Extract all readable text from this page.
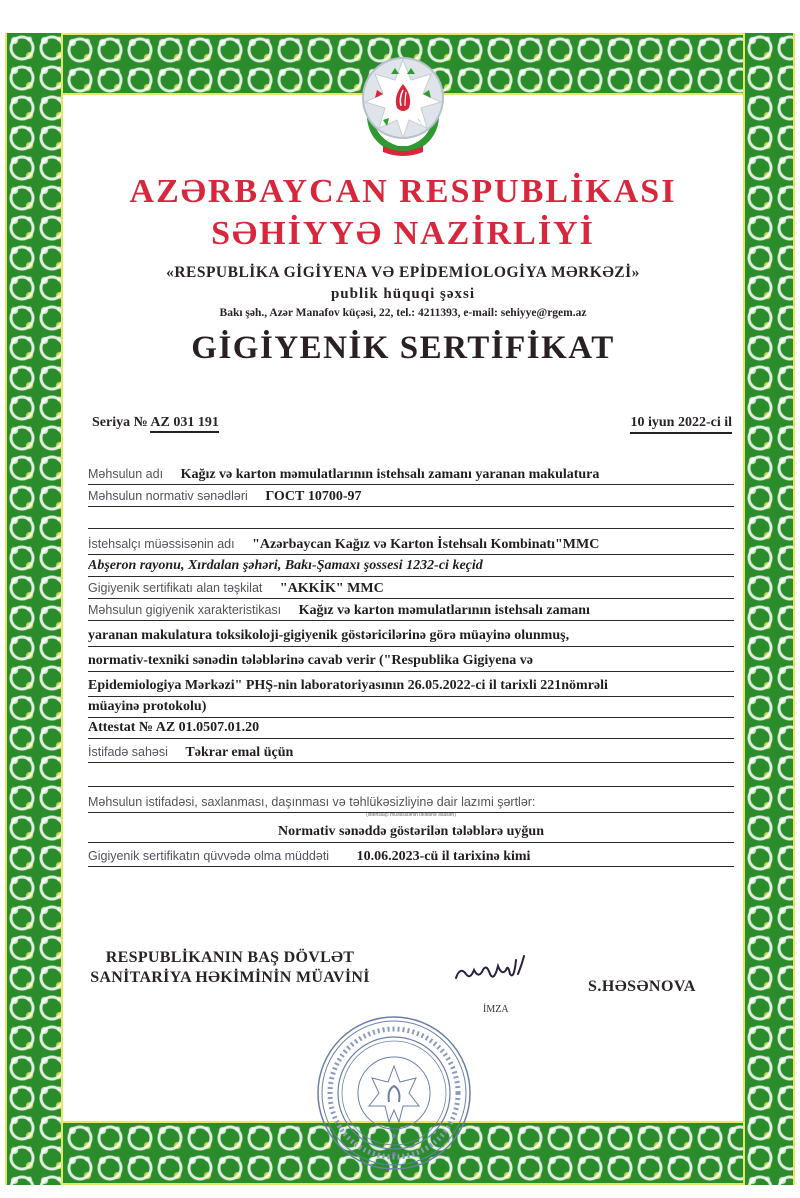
AZƏRBAYCAN RESPUBLİKASI
SƏHİYYƏ NAZİRLİYİ
«RESPUBLİKA GİGİYENA VƏ EPİDEMİOLOGİYA MƏRKƏZİ»
publik hüquqi şəxsi
Bakı şəh., Azər Manafov küçəsi, 22, tel.: 4211393, e-mail: sehiyye@rgem.az
GİGİYENİK SERTİFİKAT
Seriya № AZ 031 191	10 iyun 2022-ci il
Məhsulun adı Kağız və karton məmulatlarının istehsalı zamanı yaranan makulatura
Məhsulun normativ sənədləri ГОСТ 10700-97
İstehsalçı müəssisənin adı "Azərbaycan Kağız və Karton İstehsalı Kombinatı"MMC
Abşeron rayonu, Xırdalan şəhəri, Bakı-Şamaxı şossesi 1232-ci keçid
Gigiyenik sertifikatı alan təşkilat "AKKİK" MMC
Məhsulun gigiyenik xarakteristikası Kağız və karton məmulatlarının istehsalı zamanı
yaranan makulatura toksikoloji-gigiyenik göstəricilərinə görə müayinə olunmuş,
normativ-texniki sənədin tələblərinə cavab verir ("Respublika Gigiyena və
Epidemiologiya Mərkəzi" PHŞ-nin laboratoriyasının 26.05.2022-ci il tarixli 221nömrəli
müayinə protokolu)
Attestat № AZ 01.0507.01.20
İstifadə sahəsi Təkrar emal üçün
Məhsulun istifadəsi, saxlanması, daşınması və təhlükəsizliyinə dair lazımi şərtlər:
(istehsalçı müəssisənin tələbinə əsasən)
Normativ sənəddə göstərilən tələblərə uyğun
Gigiyenik sertifikatın qüvvədə olma müddəti 10.06.2023-cü il tarixinə kimi
RESPUBLİKANIN BAŞ DÖVLƏT
SANİTARİYA HƏKİMİNİN MÜAVİNİ
İMZA
S.HƏSƏNOVA
